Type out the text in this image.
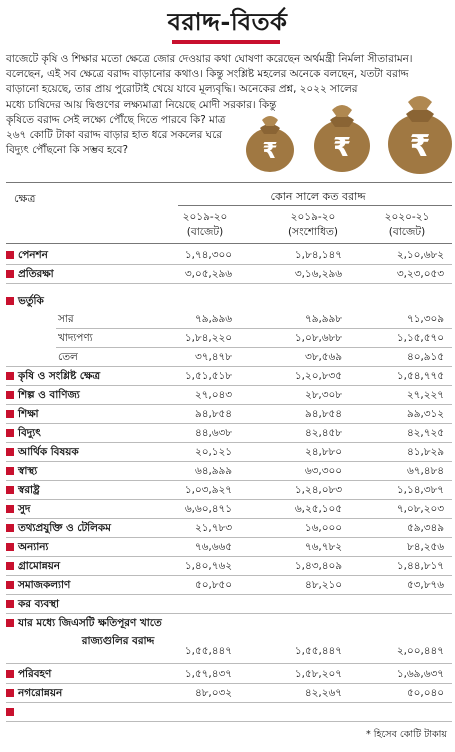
বরাদ্দ-বিতর্ক
বাজেটে কৃষি ও শিক্ষার মতো ক্ষেত্রে জোর দেওয়ার কথা ঘোষণা করেছেন অর্থমন্ত্রী নির্মলা সীতারামন।
বলেছেন, এই সব ক্ষেত্রে বরাদ্দ বাড়ানোর কথাও। কিন্তু সংশ্লিষ্ট মহলের অনেকে বলছেন, যতটা বরাদ্দ
বাড়ানো হয়েছে, তার প্রায় পুরোটাই খেয়ে যাবে মূল্যবৃদ্ধি। অনেকের প্রশ্ন, ২০২২ সালের
মধ্যে চাষিদের আয় দ্বিগুণের লক্ষ্যমাত্রা নিয়েছে মোদী সরকার। কিন্তু
কৃষিতে বরাদ্দ সেই লক্ষ্যে পৌঁছে দিতে পারবে কি? মাত্র
২৬৭ কোটি টাকা বরাদ্দ বাড়ার হাত ধরে সকলের ঘরে
বিদ্যুৎ পৌঁছনো কি সম্ভব হবে?	₹ ₹ ₹
ক্ষেত্র	কোন সালে কত বরাদ্দ
২০১৯-২০
(বাজেট)
২০১৯-২০
(সংশোধিত)
২০২০-২১
(বাজেট)
পেনশন	১,৭৪,৩০০	১,৮৪,১৪৭	২,১০,৬৮২
প্রতিরক্ষা	৩,০৫,২৯৬	৩,১৬,২৯৬	৩,২৩,০৫৩
ভর্তুকি
সার	৭৯,৯৯৬	৭৯,৯৯৮	৭১,৩০৯
খাদ্যপণ্য	১,৮৪,২২০	১,০৮,৬৮৮	১,১৫,৫৭০
তেল	৩৭,৪৭৮	৩৮,৫৬৯	৪০,৯১৫
কৃষি ও সংশ্লিষ্ট ক্ষেত্র	১,৫১,৫১৮	১,২০,৮৩৫	১,৫৪,৭৭৫
শিল্প ও বাণিজ্য	২৭,০৪৩	২৮,৩০৮	২৭,২২৭
শিক্ষা	৯৪,৮৫৪	৯৪,৮৫৪	৯৯,৩১২
বিদ্যুৎ	৪৪,৬৩৮	৪২,৪৫৮	৪২,৭২৫
আর্থিক বিষয়ক	২০,১২১	২৪,৮৮০	৪১,৮২৯
স্বাস্থ্য	৬৪,৯৯৯	৬৩,৩০০	৬৭,৪৮৪
স্বরাষ্ট্র	১,০৩,৯২৭	১,২৪,০৮৩	১,১৪,৩৮৭
সুদ	৬,৬০,৪৭১	৬,২৫,১০৫	৭,০৮,২০৩
তথ্যপ্রযুক্তি ও টেলিকম	২১,৭৮৩	১৬,০০০	৫৯,৩৪৯
অন্যান্য	৭৬,৬৬৫	৭৬,৭৮২	৮৪,২৫৬
গ্রামোন্নয়ন	১,৪০,৭৬২	১,৪৩,৪০৯	১,৪৪,৮১৭
সমাজকল্যাণ	৫০,৮৫০	৪৮,২১০	৫৩,৮৭৬
কর ব্যবস্থা
যার মধ্যে জিএসটি ক্ষতিপূরণ খাতে
রাজ্যগুলির বরাদ্দ
১,৫৫,৪৪৭	১,৫৫,৪৪৭	২,০০,৪৪৭
পরিবহণ	১,৫৭,৪৩৭	১,৫৮,২০৭	১,৬৯,৬৩৭
নগরোন্নয়ন	৪৮,০৩২	৪২,২৬৭	৫০,০৪০
* হিসেব কোটি টাকায়
